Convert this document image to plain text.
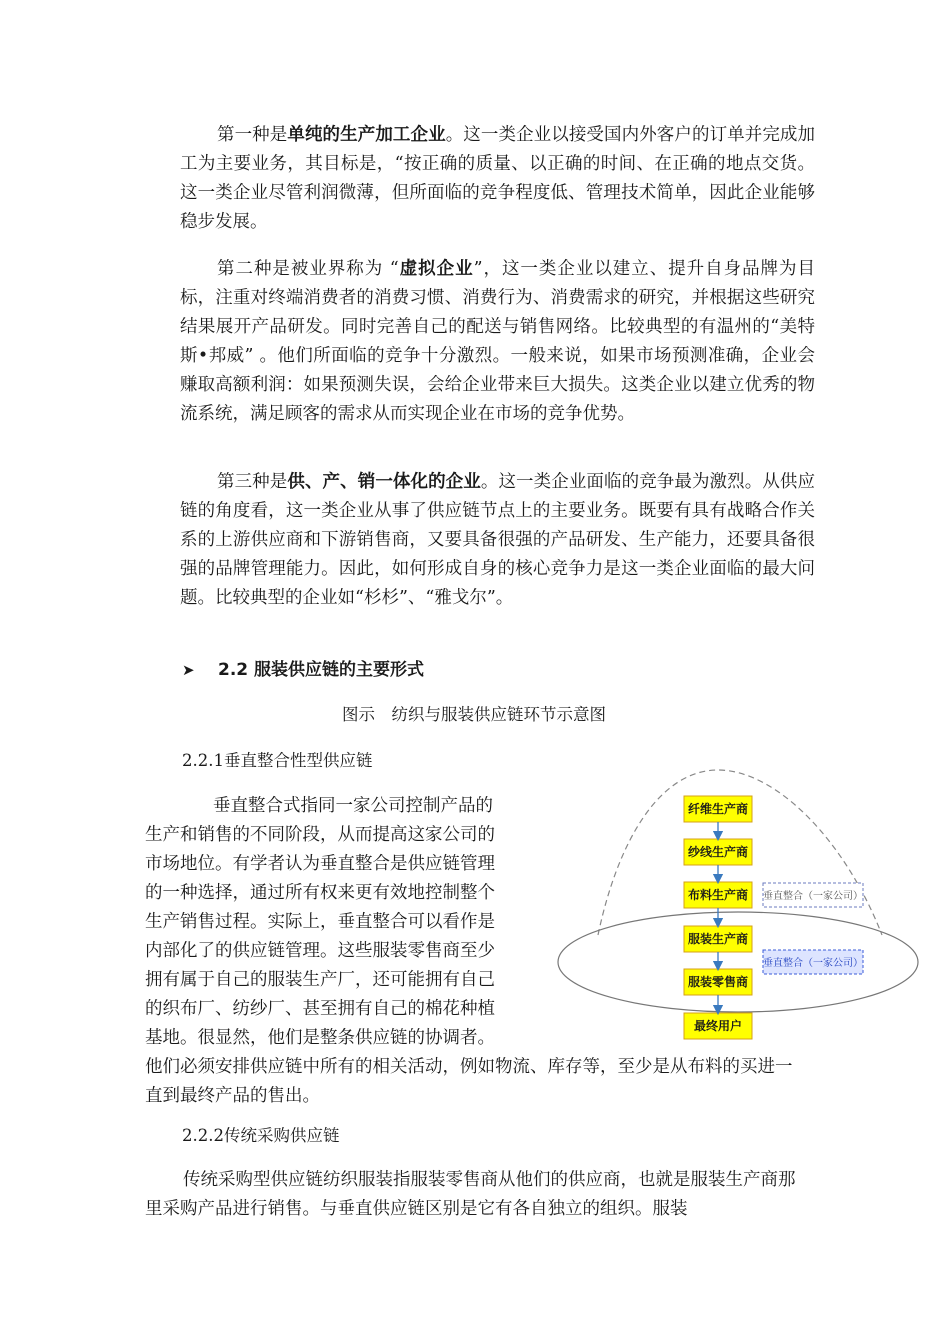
第一种是单纯的生产加工企业。这一类企业以接受国内外客户的订单并完成加工为主要业务，其目标是，“按正确的质量、以正确的时间、在正确的地点交货。这一类企业尽管利润微薄，但所面临的竞争程度低、管理技术简单，因此企业能够稳步发展。

第二种是被业界称为 “虚拟企业”，这一类企业以建立、提升自身品牌为目标，注重对终端消费者的消费习惯、消费行为、消费需求的研究，并根据这些研究结果展开产品研发。同时完善自己的配送与销售网络。比较典型的有温州的“美特斯•邦威” 。他们所面临的竞争十分激烈。一般来说，如果市场预测准确，企业会赚取高额利润：如果预测失误，会给企业带来巨大损失。这类企业以建立优秀的物流系统，满足顾客的需求从而实现企业在市场的竞争优势。

第三种是供、产、销一体化的企业。这一类企业面临的竞争最为激烈。从供应链的角度看，这一类企业从事了供应链节点上的主要业务。既要有具有战略合作关系的上游供应商和下游销售商，又要具备很强的产品研发、生产能力，还要具备很强的品牌管理能力。因此，如何形成自身的核心竞争力是这一类企业面临的最大问题。比较典型的企业如“杉杉”、“雅戈尔”。

➤ 2.2 服装供应链的主要形式
图示　纺织与服装供应链环节示意图
2.2.1垂直整合性型供应链
垂直整合式指同一家公司控制产品的
生产和销售的不同阶段，从而提高这家公司的
市场地位。有学者认为垂直整合是供应链管理
的一种选择，通过所有权来更有效地控制整个
生产销售过程。实际上，垂直整合可以看作是
内部化了的供应链管理。这些服装零售商至少
拥有属于自己的服装生产厂，还可能拥有自己
的织布厂、纺纱厂、甚至拥有自己的棉花种植
基地。很显然，他们是整条供应链的协调者。

他们必须安排供应链中所有的相关活动，例如物流、库存等，至少是从布料的买进一直到最终产品的售出。

2.2.2传统采购供应链

传统采购型供应链纺织服装指服装零售商从他们的供应商，也就是服装生产商那里采购产品进行销售。与垂直供应链区别是它有各自独立的组织。服装

纤维生产商
纱线生产商
布料生产商
服装生产商
服装零售商
最终用户
垂直整合（一家公司）
垂直整合（一家公司）
